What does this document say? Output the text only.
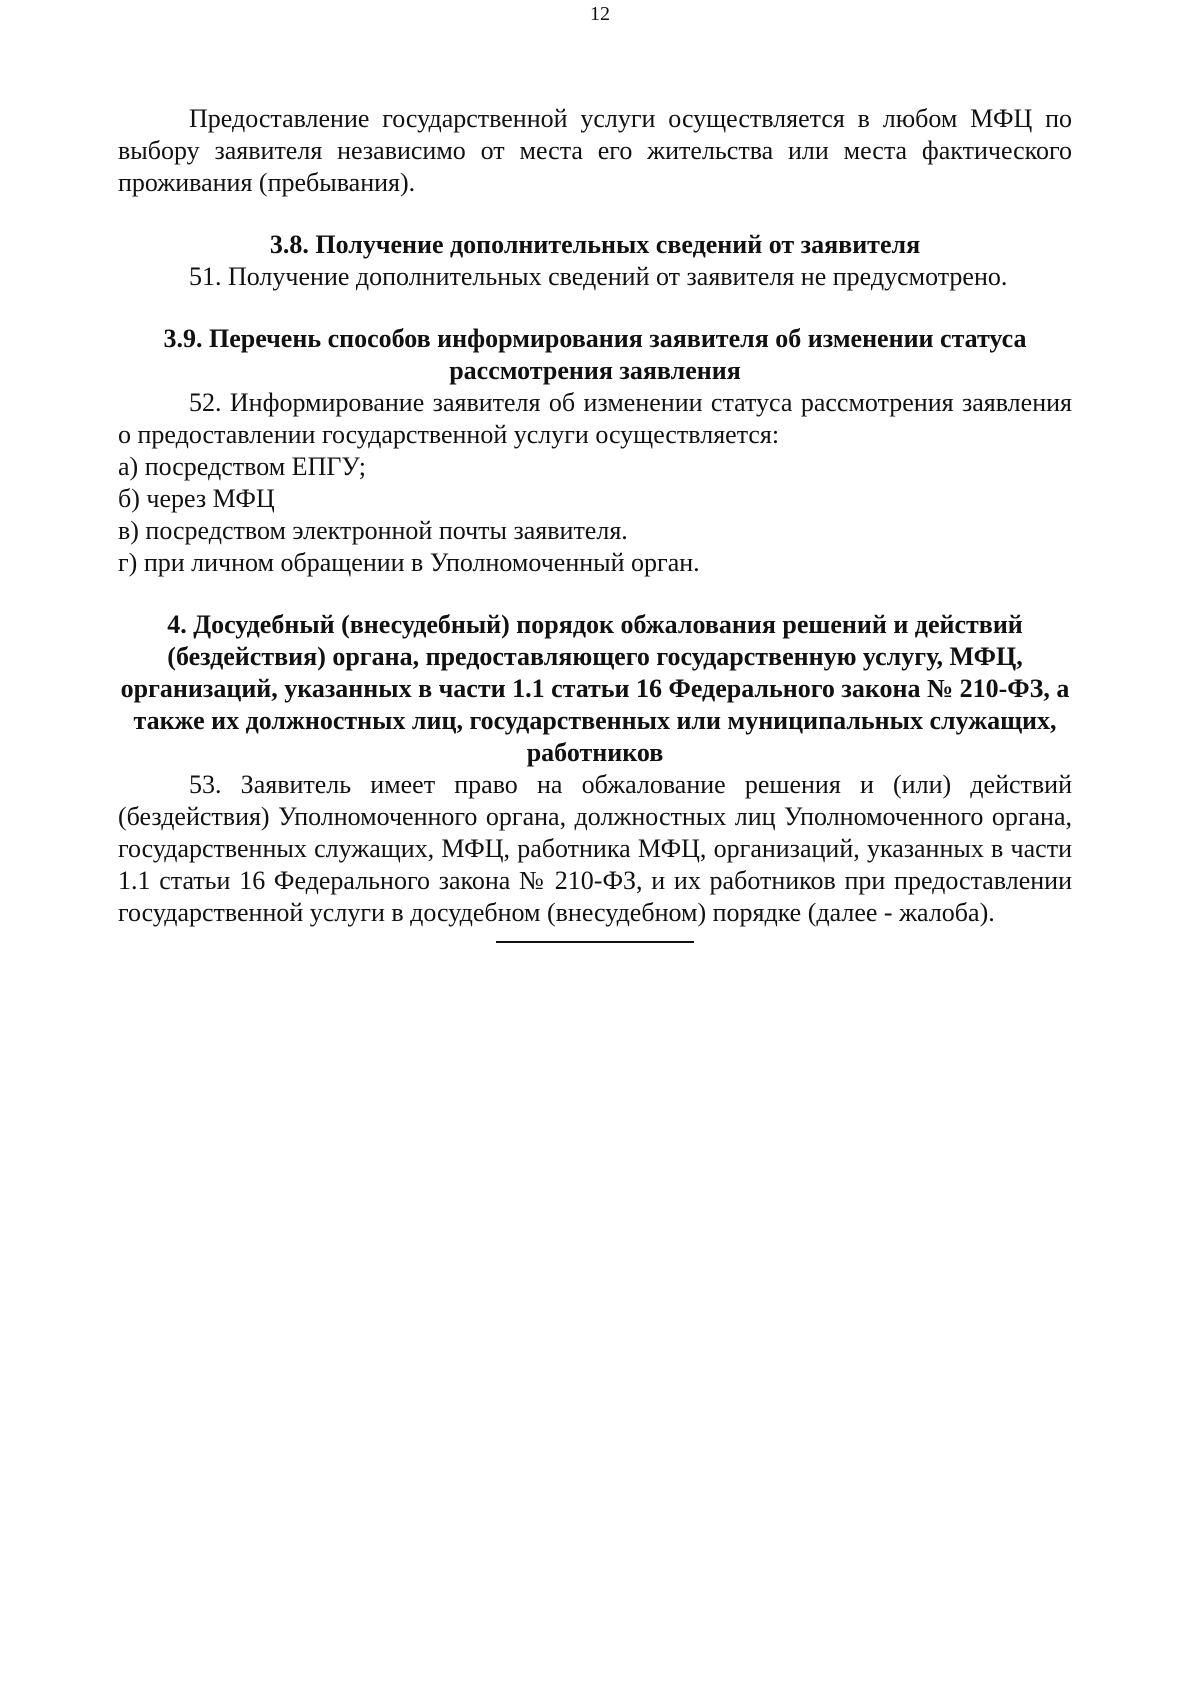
12

Предоставление государственной услуги осуществляется в любом МФЦ по выбору заявителя независимо от места его жительства или места фактического проживания (пребывания).

3.8. Получение дополнительных сведений от заявителя

51. Получение дополнительных сведений от заявителя не предусмотрено.

3.9. Перечень способов информирования заявителя об изменении статуса рассмотрения заявления

52. Информирование заявителя об изменении статуса рассмотрения заявления о предоставлении государственной услуги осуществляется:

а) посредством ЕПГУ;

б) через МФЦ

в) посредством электронной почты заявителя.

г) при личном обращении в Уполномоченный орган.

4. Досудебный (внесудебный) порядок обжалования решений и действий (бездействия) органа, предоставляющего государственную услугу, МФЦ, организаций, указанных в части 1.1 статьи 16 Федерального закона № 210-ФЗ, а также их должностных лиц, государственных или муниципальных служащих, работников

53. Заявитель имеет право на обжалование решения и (или) действий (бездействия) Уполномоченного органа, должностных лиц Уполномоченного органа, государственных служащих, МФЦ, работника МФЦ, организаций, указанных в части 1.1 статьи 16 Федерального закона № 210-ФЗ, и их работников при предоставлении государственной услуги в досудебном (внесудебном) порядке (далее - жалоба).
